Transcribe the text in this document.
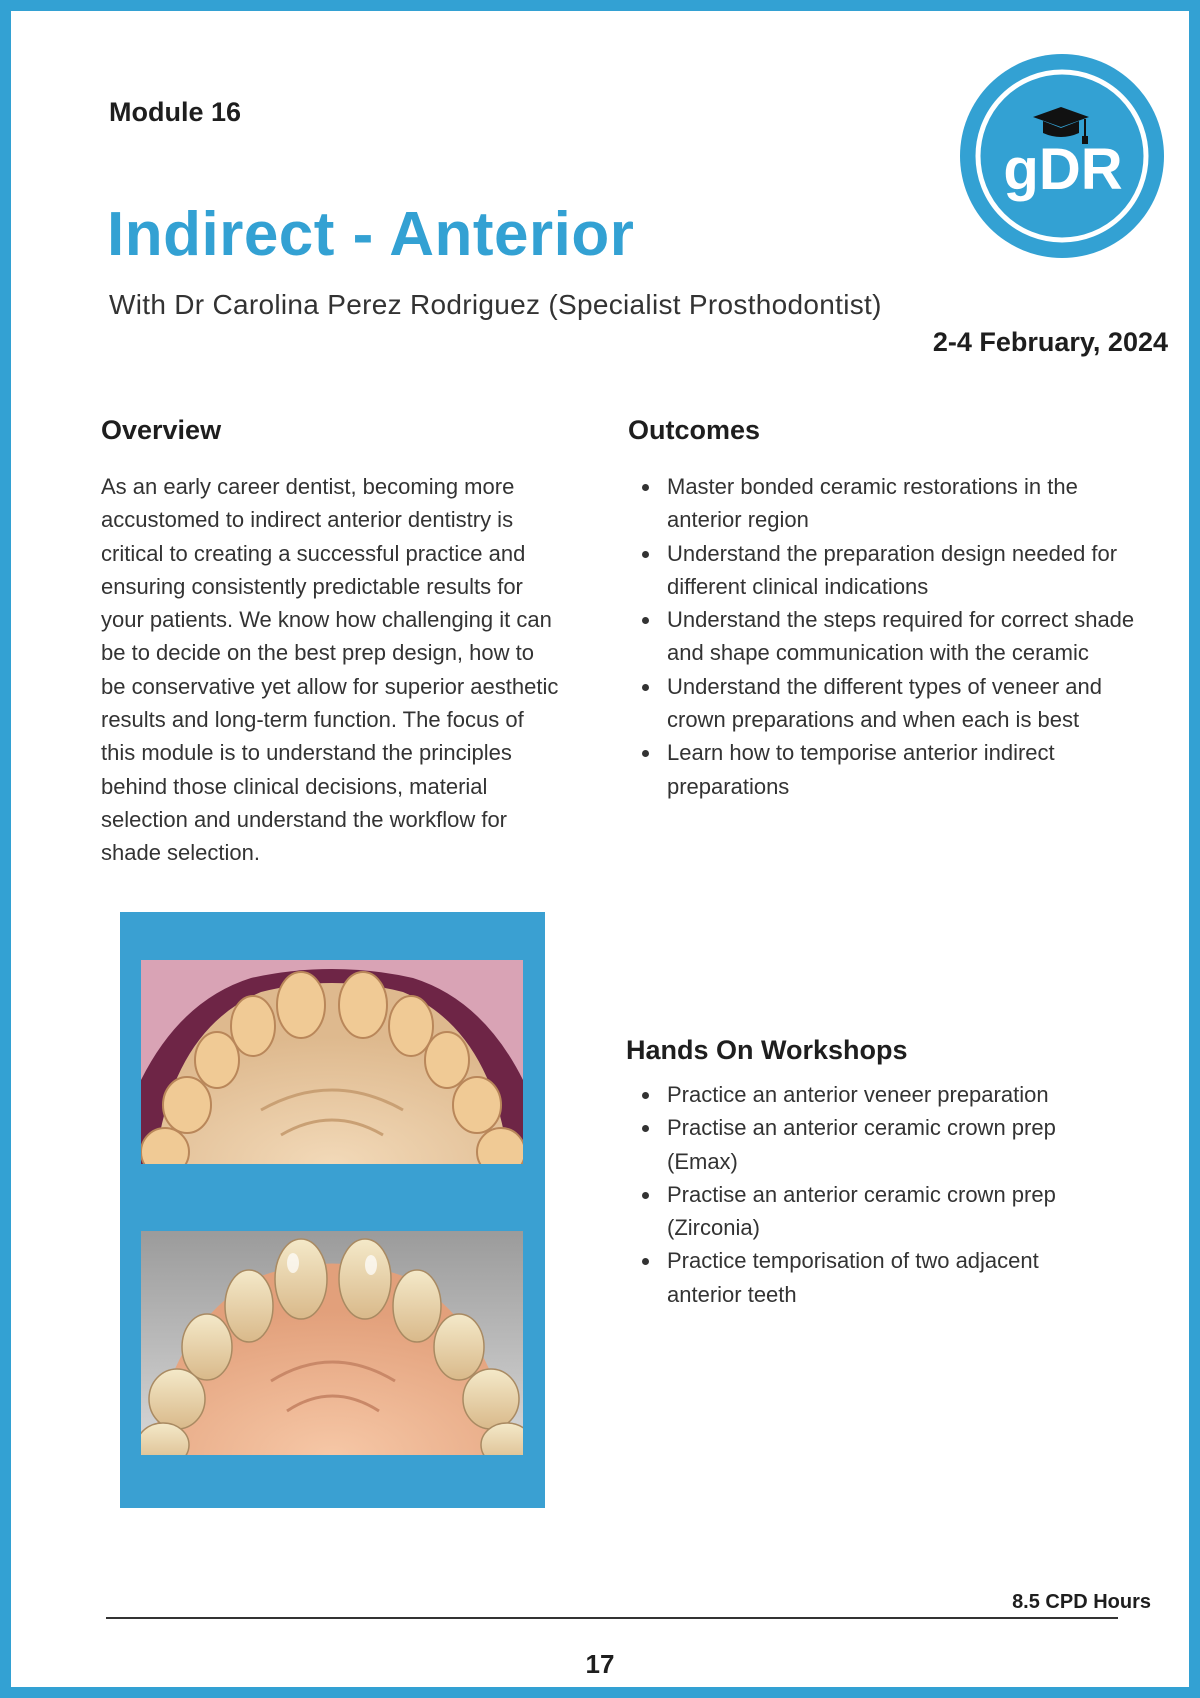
Module 16
gDR
Indirect - Anterior
With Dr Carolina Perez Rodriguez (Specialist Prosthodontist)
2-4 February, 2024
Overview

As an early career dentist, becoming more accustomed to indirect anterior dentistry is critical to creating a successful practice and ensuring consistently predictable results for your patients. We know how challenging it can be to decide on the best prep design, how to be conservative yet allow for superior aesthetic results and long-term function. The focus of this module is to understand the principles behind those clinical decisions, material selection and understand the workflow for shade selection.

Outcomes
Master bonded ceramic restorations in the anterior region
Understand the preparation design needed for different clinical indications
Understand the steps required for correct shade and shape communication with the ceramic
Understand the different types of veneer and crown preparations and when each is best
Learn how to temporise anterior indirect preparations
Hands On Workshops
Practice an anterior veneer preparation
Practise an anterior ceramic crown prep (Emax)
Practise an anterior ceramic crown prep (Zirconia)
Practice temporisation of two adjacent anterior teeth
8.5 CPD Hours
17
